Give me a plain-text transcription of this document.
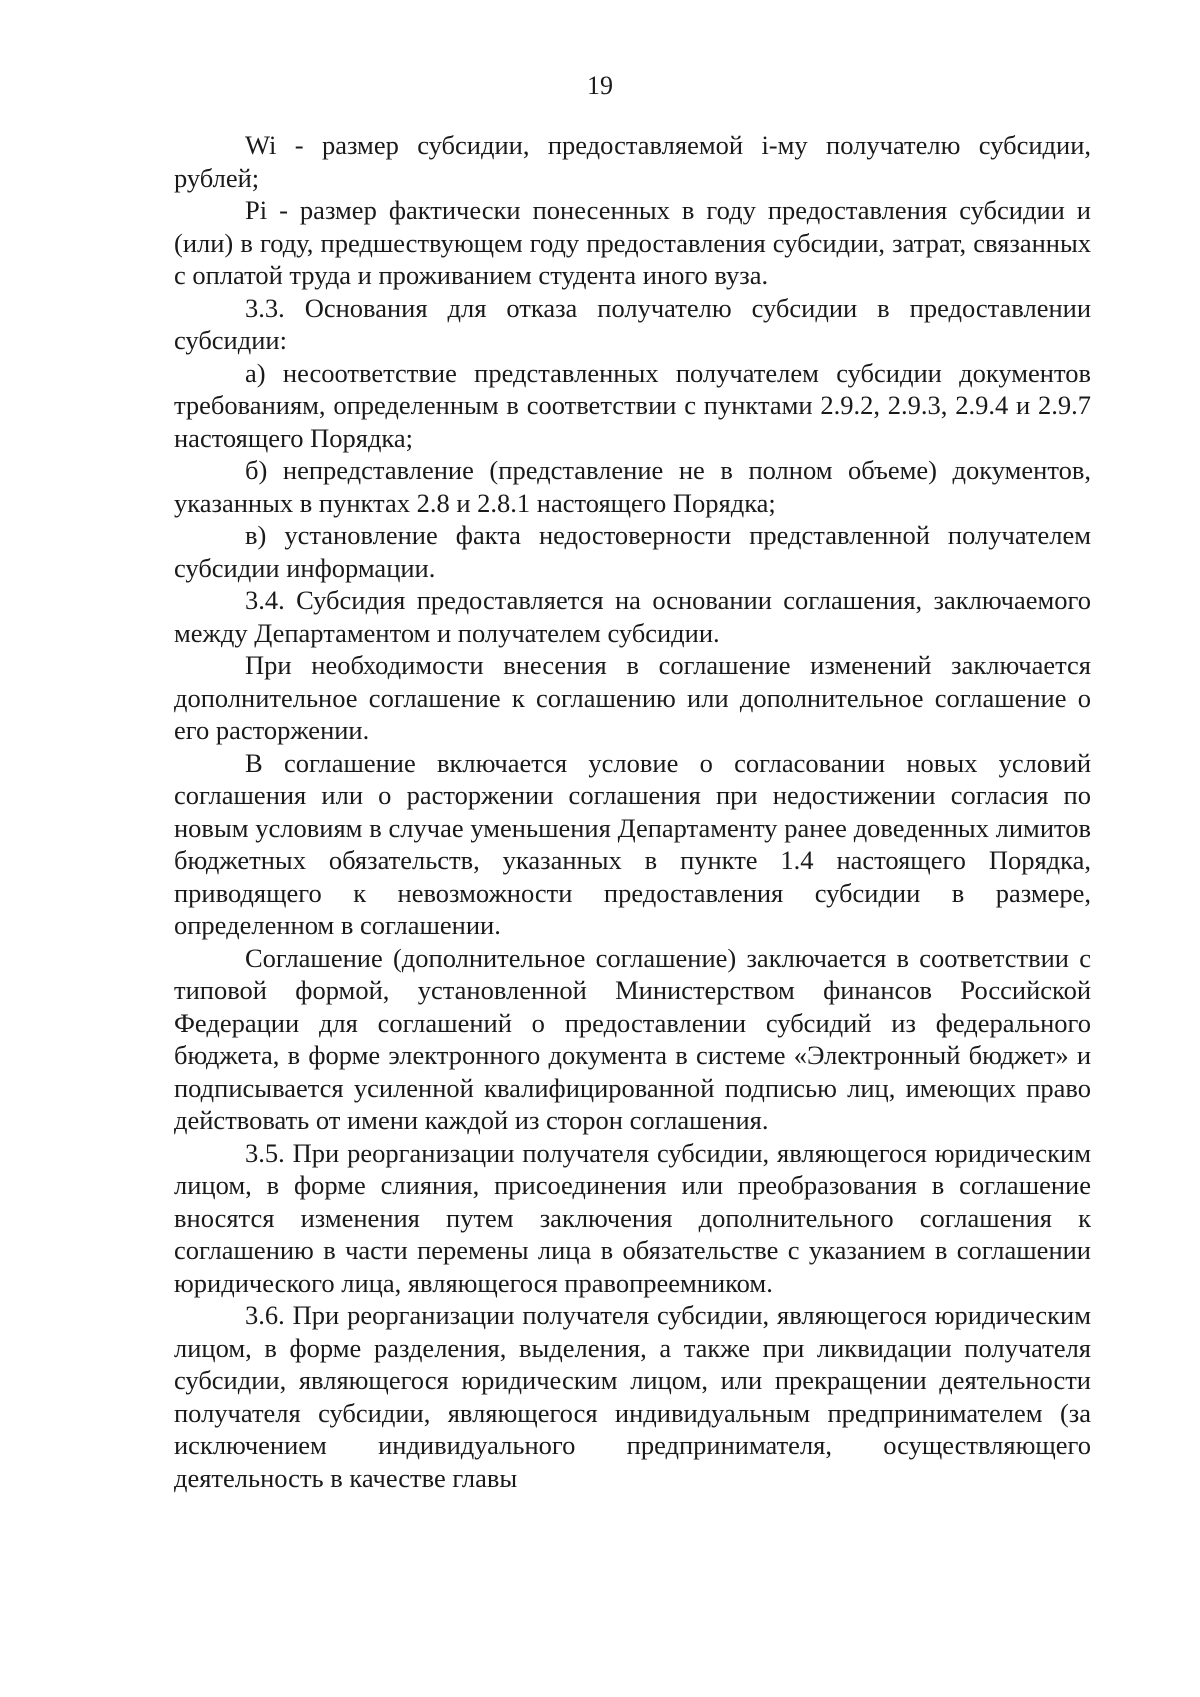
19

Wi - размер субсидии, предоставляемой i-му получателю субсидии, рублей;

Pi - размер фактически понесенных в году предоставления субсидии и (или) в году, предшествующем году предоставления субсидии, затрат, связанных с оплатой труда и проживанием студента иного вуза.

3.3. Основания для отказа получателю субсидии в предоставлении субсидии:

а) несоответствие представленных получателем субсидии документов требованиям, определенным в соответствии с пунктами 2.9.2, 2.9.3, 2.9.4 и 2.9.7 настоящего Порядка;

б) непредставление (представление не в полном объеме) документов, указанных в пунктах 2.8 и 2.8.1 настоящего Порядка;

в) установление факта недостоверности представленной получателем субсидии информации.

3.4. Субсидия предоставляется на основании соглашения, заключаемого между Департаментом и получателем субсидии.

При необходимости внесения в соглашение изменений заключается дополнительное соглашение к соглашению или дополнительное соглашение о его расторжении.

В соглашение включается условие о согласовании новых условий соглашения или о расторжении соглашения при недостижении согласия по новым условиям в случае уменьшения Департаменту ранее доведенных лимитов бюджетных обязательств, указанных в пункте 1.4 настоящего Порядка, приводящего к невозможности предоставления субсидии в размере, определенном в соглашении.

Соглашение (дополнительное соглашение) заключается в соответствии с типовой формой, установленной Министерством финансов Российской Федерации для соглашений о предоставлении субсидий из федерального бюджета, в форме электронного документа в системе «Электронный бюджет» и подписывается усиленной квалифицированной подписью лиц, имеющих право действовать от имени каждой из сторон соглашения.

3.5. При реорганизации получателя субсидии, являющегося юридическим лицом, в форме слияния, присоединения или преобразования в соглашение вносятся изменения путем заключения дополнительного соглашения к соглашению в части перемены лица в обязательстве с указанием в соглашении юридического лица, являющегося правопреемником.

3.6. При реорганизации получателя субсидии, являющегося юридическим лицом, в форме разделения, выделения, а также при ликвидации получателя субсидии, являющегося юридическим лицом, или прекращении деятельности получателя субсидии, являющегося индивидуальным предпринимателем (за исключением индивидуального предпринимателя, осуществляющего деятельность в качестве главы
